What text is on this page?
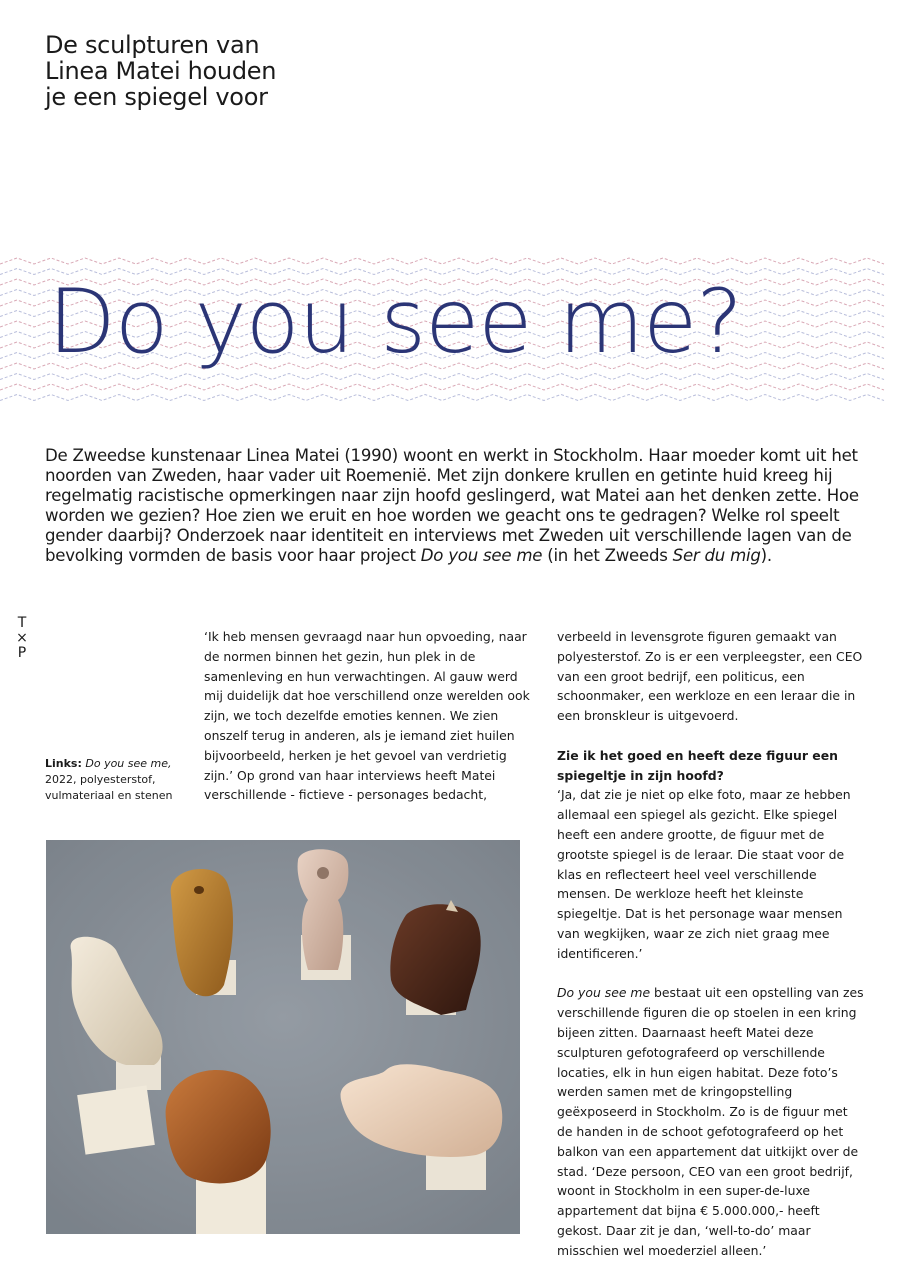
De sculpturen van
Linea Matei houden
je een spiegel voor
Do you see me?
De Zweedse kunstenaar Linea Matei (1990) woont en werkt in Stockholm. Haar moeder komt uit het noorden van Zweden, haar vader uit Roemenië. Met zijn donkere krullen en getinte huid kreeg hij regelmatig racistische opmerkingen naar zijn hoofd geslingerd, wat Matei aan het denken zette. Hoe worden we gezien? Hoe zien we eruit en hoe worden we geacht ons te gedragen? Welke rol speelt gender daarbij? Onderzoek naar identiteit en interviews met Zweden uit verschillende lagen van de bevolking vormden de basis voor haar project Do you see me (in het Zweeds Ser du mig).
T
×
P
Links: Do you see me, 2022, polyesterstof, vulmateriaal en stenen

‘Ik heb mensen gevraagd naar hun opvoeding, naar de normen binnen het gezin, hun plek in de samenleving en hun verwachtingen. Al gauw werd mij duidelijk dat hoe verschillend onze werelden ook zijn, we toch dezelfde emoties kennen. We zien onszelf terug in anderen, als je iemand ziet huilen bijvoorbeeld, herken je het gevoel van verdrietig zijn.’ Op grond van haar interviews heeft Matei verschillende - fictieve - personages bedacht,

verbeeld in levensgrote figuren gemaakt van polyesterstof. Zo is er een verpleegster, een CEO van een groot bedrijf, een politicus, een schoonmaker, een werkloze en een leraar die in een bronskleur is uitgevoerd.

Zie ik het goed en heeft deze figuur een spiegeltje in zijn hoofd?

‘Ja, dat zie je niet op elke foto, maar ze hebben allemaal een spiegel als gezicht. Elke spiegel heeft een andere grootte, de figuur met de grootste spiegel is de leraar. Die staat voor de klas en reflecteert heel veel verschillende mensen. De werkloze heeft het kleinste spiegeltje. Dat is het personage waar mensen van wegkijken, waar ze zich niet graag mee identificeren.’

Do you see me bestaat uit een opstelling van zes verschillende figuren die op stoelen in een kring bijeen zitten. Daarnaast heeft Matei deze sculpturen gefotografeerd op verschillende locaties, elk in hun eigen habitat. Deze foto’s werden samen met de kringopstelling geëxposeerd in Stockholm. Zo is de figuur met de handen in de schoot gefotografeerd op het balkon van een appartement dat uitkijkt over de stad. ‘Deze persoon, CEO van een groot bedrijf, woont in Stockholm in een super-de-luxe appartement dat bijna € 5.000.000,- heeft gekost. Daar zit je dan, ‘well-to-do’ maar misschien wel moederziel alleen.’
